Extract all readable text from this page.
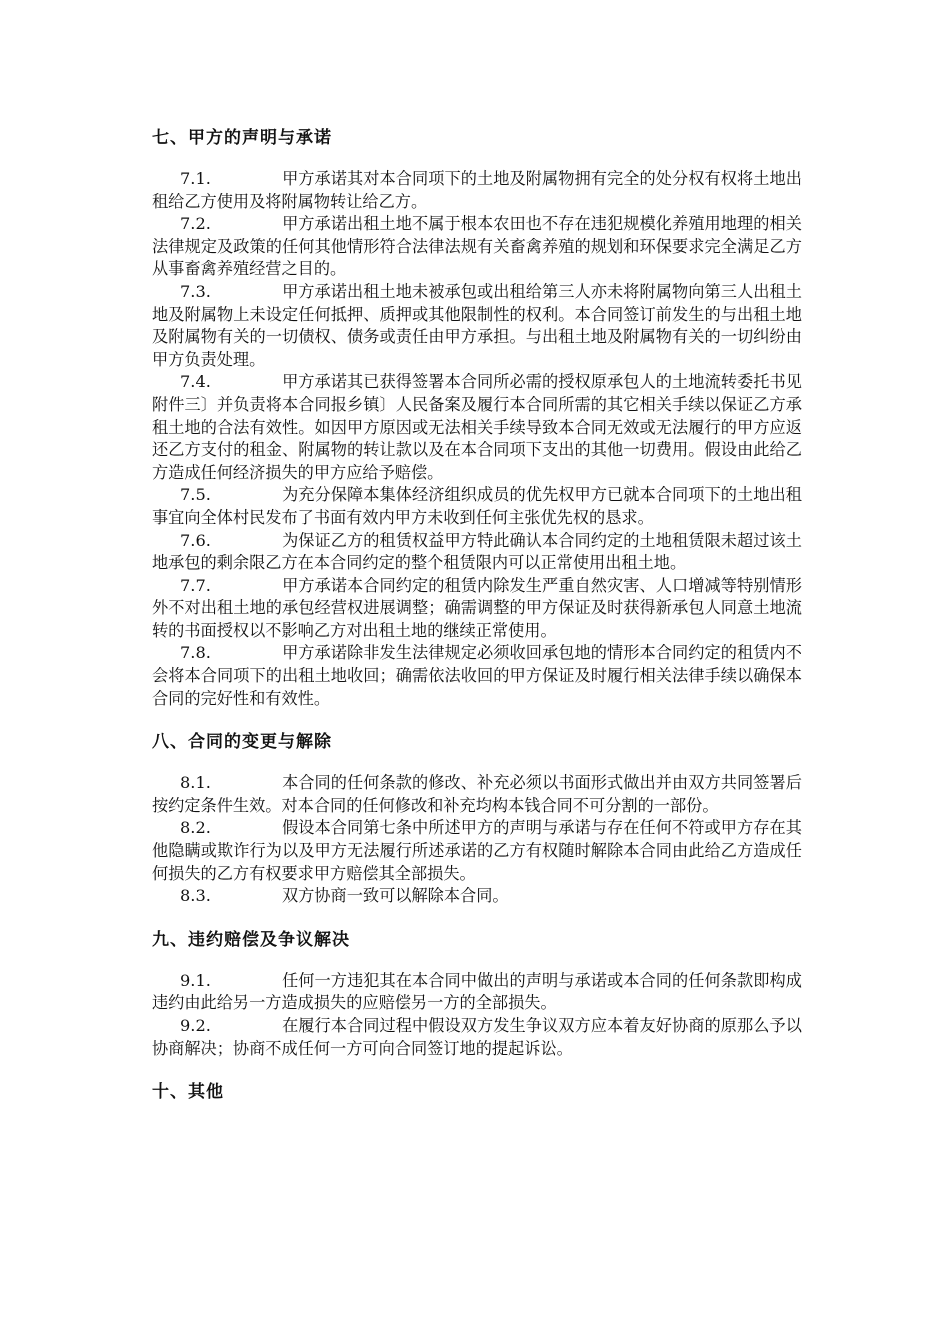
七、甲方的声明与承诺

7.1.	甲方承诺其对本合同项下的土地及附属物拥有完全的处分权有权将土地出租给乙方使用及将附属物转让给乙方。

7.2.	甲方承诺出租土地不属于根本农田也不存在违犯规模化养殖用地理的相关法律规定及政策的任何其他情形符合法律法规有关畜禽养殖的规划和环保要求完全满足乙方从事畜禽养殖经营之目的。

7.3.	甲方承诺出租土地未被承包或出租给第三人亦未将附属物向第三人出租土地及附属物上未设定任何抵押、质押或其他限制性的权利。本合同签订前发生的与出租土地及附属物有关的一切债权、债务或责任由甲方承担。与出租土地及附属物有关的一切纠纷由甲方负责处理。

7.4.	甲方承诺其已获得签署本合同所必需的授权原承包人的土地流转委托书见附件三〕并负责将本合同报乡镇〕人民备案及履行本合同所需的其它相关手续以保证乙方承租土地的合法有效性。如因甲方原因或无法相关手续导致本合同无效或无法履行的甲方应返还乙方支付的租金、附属物的转让款以及在本合同项下支出的其他一切费用。假设由此给乙方造成任何经济损失的甲方应给予赔偿。

7.5.	为充分保障本集体经济组织成员的优先权甲方已就本合同项下的土地出租事宜向全体村民发布了书面有效内甲方未收到任何主张优先权的恳求。

7.6.	为保证乙方的租赁权益甲方特此确认本合同约定的土地租赁限未超过该土地承包的剩余限乙方在本合同约定的整个租赁限内可以正常使用出租土地。

7.7.	甲方承诺本合同约定的租赁内除发生严重自然灾害、人口增减等特别情形外不对出租土地的承包经营权进展调整；确需调整的甲方保证及时获得新承包人同意土地流转的书面授权以不影响乙方对出租土地的继续正常使用。

7.8.	甲方承诺除非发生法律规定必须收回承包地的情形本合同约定的租赁内不会将本合同项下的出租土地收回；确需依法收回的甲方保证及时履行相关法律手续以确保本合同的完好性和有效性。

八、合同的变更与解除

8.1.	本合同的任何条款的修改、补充必须以书面形式做出并由双方共同签署后按约定条件生效。对本合同的任何修改和补充均构本钱合同不可分割的一部份。

8.2.	假设本合同第七条中所述甲方的声明与承诺与存在任何不符或甲方存在其他隐瞒或欺诈行为以及甲方无法履行所述承诺的乙方有权随时解除本合同由此给乙方造成任何损失的乙方有权要求甲方赔偿其全部损失。

8.3.	双方协商一致可以解除本合同。

九、违约赔偿及争议解决

9.1.	任何一方违犯其在本合同中做出的声明与承诺或本合同的任何条款即构成违约由此给另一方造成损失的应赔偿另一方的全部损失。

9.2.	在履行本合同过程中假设双方发生争议双方应本着友好协商的原那么予以协商解决；协商不成任何一方可向合同签订地的提起诉讼。

十、其他
